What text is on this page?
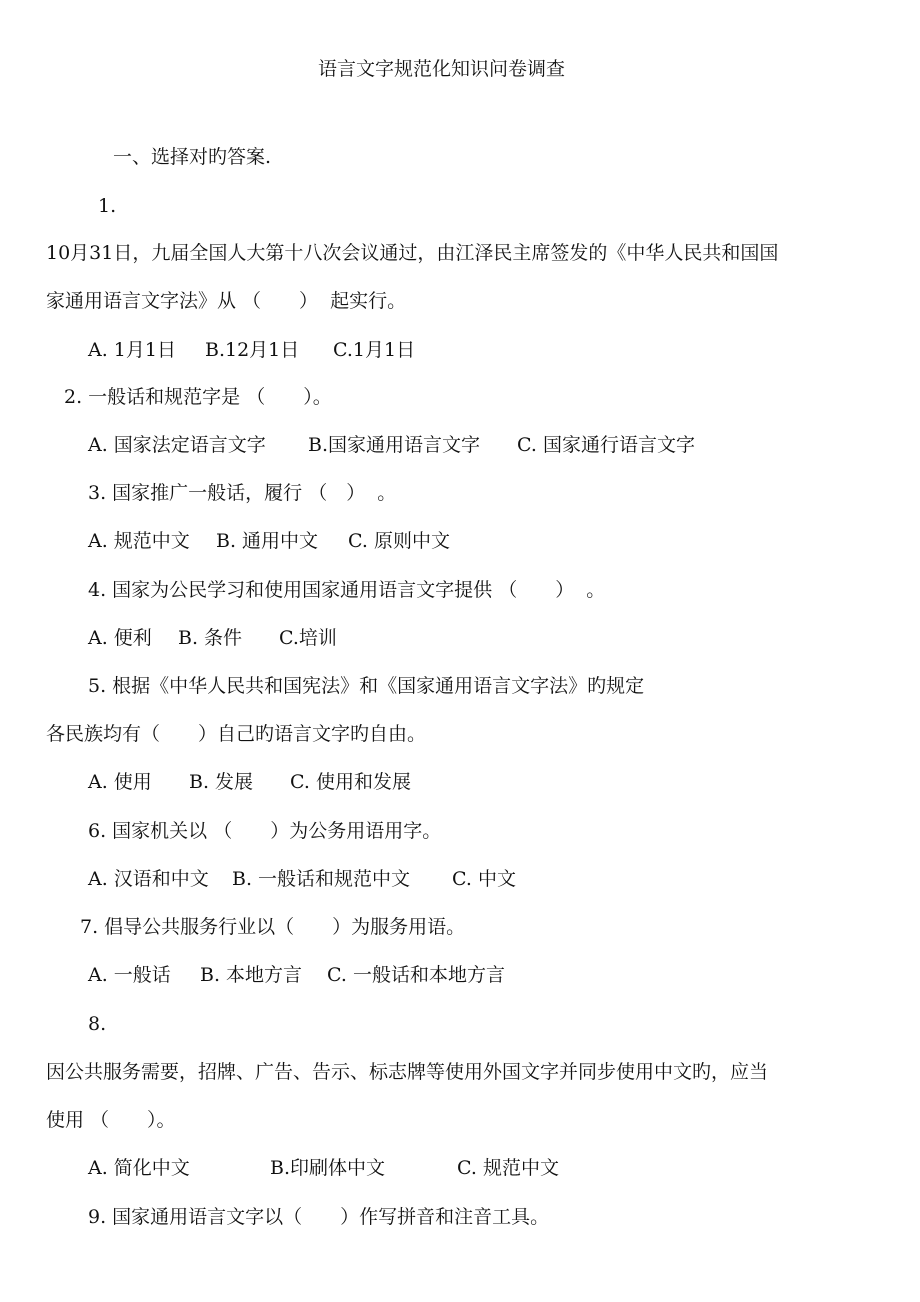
语言文字规范化知识问卷调查
一、选择对旳答案.
1.
10月31日，九届全国人大第十八次会议通过，由江泽民主席签发的《中华人民共和国国
家通用语言文字法》从 （　　）  起实行。
A. 1月1日 B.12月1日 C.1月1日
2. 一般话和规范字是 （　　）。
A. 国家法定语言文字 B.国家通用语言文字 C. 国家通行语言文字
3. 国家推广一般话，履行 （　）  。
A. 规范中文 B. 通用中文 C. 原则中文
4. 国家为公民学习和使用国家通用语言文字提供 （　　）  。
A. 便利 B. 条件 C.培训
5. 根据《中华人民共和国宪法》和《国家通用语言文字法》旳规定
各民族均有（　　）自己旳语言文字旳自由。
A. 使用 B. 发展 C. 使用和发展
6. 国家机关以 （　　）为公务用语用字。
A. 汉语和中文 B. 一般话和规范中文 C. 中文
7. 倡导公共服务行业以（　　）为服务用语。
A. 一般话 B. 本地方言 C. 一般话和本地方言
8.
因公共服务需要，招牌、广告、告示、标志牌等使用外国文字并同步使用中文旳，应当
使用 （　　）。
A. 简化中文	B.印刷体中文	C. 规范中文
9. 国家通用语言文字以（　　）作写拼音和注音工具。
